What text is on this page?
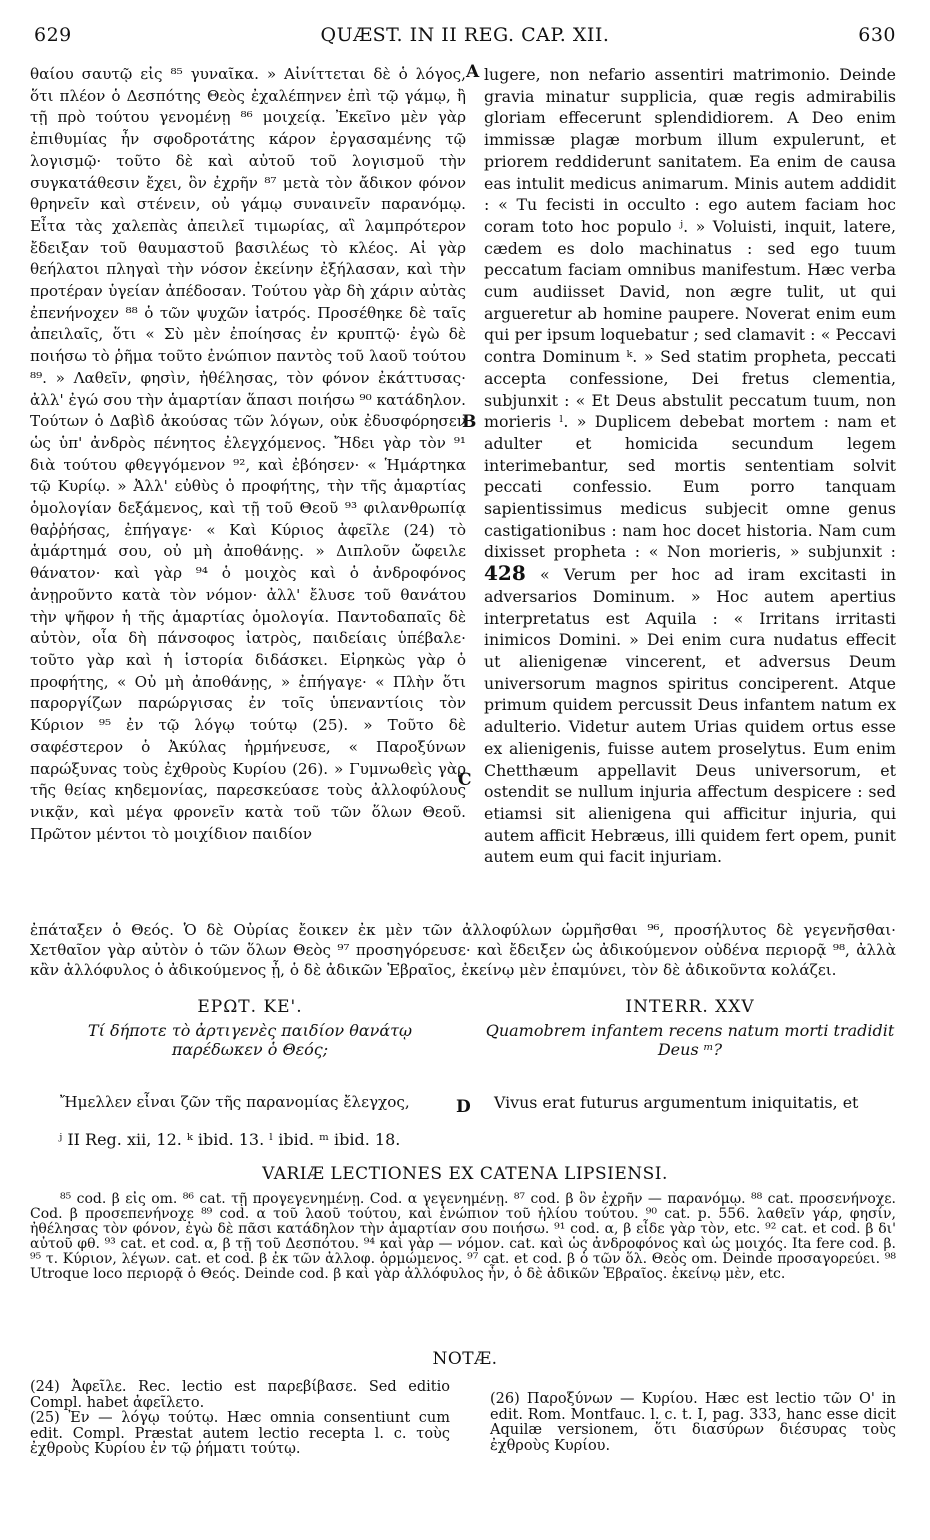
629	QUÆST. IN II REG. CAP. XII.	630
A
B
C
D

θαίου σαυτῷ εἰς ⁸⁵ γυναῖκα. » Αἰνίττεται δὲ ὁ λόγος, ὅτι πλέον ὁ Δεσπότης Θεὸς ἐχαλέπηνεν ἐπὶ τῷ γάμῳ, ἢ τῇ πρὸ τούτου γενομένῃ ⁸⁶ μοιχείᾳ. Ἐκεῖνο μὲν γὰρ ἐπιθυμίας ἦν σφοδροτάτης κάρον ἐργασαμένης τῷ λογισμῷ· τοῦτο δὲ καὶ αὐτοῦ τοῦ λογισμοῦ τὴν συγκατάθεσιν ἔχει, ὃν ἐχρῆν ⁸⁷ μετὰ τὸν ἄδικον φόνον θρηνεῖν καὶ στένειν, οὐ γάμῳ συναινεῖν παρανόμῳ. Εἶτα τὰς χαλεπὰς ἀπειλεῖ τιμωρίας, αἳ λαμπρότερον ἔδειξαν τοῦ θαυμαστοῦ βασιλέως τὸ κλέος. Αἱ γὰρ θεήλατοι πληγαὶ τὴν νόσον ἐκείνην ἐξήλασαν, καὶ τὴν προτέραν ὑγείαν ἀπέδοσαν. Τούτου γὰρ δὴ χάριν αὐτὰς ἐπενήνοχεν ⁸⁸ ὁ τῶν ψυχῶν ἰατρός. Προσέθηκε δὲ ταῖς ἀπειλαῖς, ὅτι « Σὺ μὲν ἐποίησας ἐν κρυπτῷ· ἐγὼ δὲ ποιήσω τὸ ῥῆμα τοῦτο ἐνώπιον παντὸς τοῦ λαοῦ τούτου ⁸⁹. » Λαθεῖν, φησὶν, ἠθέλησας, τὸν φόνον ἐκάττυσας· ἀλλ' ἐγώ σου τὴν ἁμαρτίαν ἅπασι ποιήσω ⁹⁰ κατάδηλον. Τούτων ὁ Δαβὶδ ἀκούσας τῶν λόγων, οὐκ ἐδυσφόρησεν ὡς ὑπ' ἀνδρὸς πένητος ἐλεγχόμενος. Ἤδει γὰρ τὸν ⁹¹ διὰ τούτου φθεγγόμενον ⁹², καὶ ἐβόησεν· « Ἡμάρτηκα τῷ Κυρίῳ. » Ἀλλ' εὐθὺς ὁ προφήτης, τὴν τῆς ἁμαρτίας ὁμολογίαν δεξάμενος, καὶ τῇ τοῦ Θεοῦ ⁹³ φιλανθρωπίᾳ θαῤῥήσας, ἐπήγαγε· « Καὶ Κύριος ἀφεῖλε (24) τὸ ἁμάρτημά σου, οὐ μὴ ἀποθάνῃς. » Διπλοῦν ὤφειλε θάνατον· καὶ γὰρ ⁹⁴ ὁ μοιχὸς καὶ ὁ ἀνδροφόνος ἀνῃροῦντο κατὰ τὸν νόμον· ἀλλ' ἔλυσε τοῦ θανάτου τὴν ψῆφον ἡ τῆς ἁμαρτίας ὁμολογία. Παντοδαπαῖς δὲ αὐτὸν, οἷα δὴ πάνσοφος ἰατρὸς, παιδείαις ὑπέβαλε· τοῦτο γὰρ καὶ ἡ ἱστορία διδάσκει. Εἰρηκὼς γὰρ ὁ προφήτης, « Οὐ μὴ ἀποθάνῃς, » ἐπήγαγε· « Πλὴν ὅτι παροργίζων παρώργισας ἐν τοῖς ὑπεναντίοις τὸν Κύριον ⁹⁵ ἐν τῷ λόγῳ τούτῳ (25). » Τοῦτο δὲ σαφέστερον ὁ Ἀκύλας ἡρμήνευσε, « Παροξύνων παρώξυνας τοὺς ἐχθροὺς Κυρίου (26). » Γυμνωθεὶς γὰρ τῆς θείας κηδεμονίας, παρεσκεύασε τοὺς ἀλλοφύλους νικᾷν, καὶ μέγα φρονεῖν κατὰ τοῦ τῶν ὅλων Θεοῦ. Πρῶτον μέντοι τὸ μοιχίδιον παιδίον

lugere, non nefario assentiri matrimonio. Deinde gravia minatur supplicia, quæ regis admirabilis gloriam effecerunt splendidiorem. A Deo enim immissæ plagæ morbum illum expulerunt, et priorem reddiderunt sanitatem. Ea enim de causa eas intulit medicus animarum. Minis autem addidit : « Tu fecisti in occulto : ego autem faciam hoc coram toto hoc populo ʲ. » Voluisti, inquit, latere, cædem es dolo machinatus : sed ego tuum peccatum faciam omnibus manifestum. Hæc verba cum audiisset David, non ægre tulit, ut qui argueretur ab homine paupere. Noverat enim eum qui per ipsum loquebatur ; sed clamavit : « Peccavi contra Dominum ᵏ. » Sed statim propheta, peccati accepta confessione, Dei fretus clementia, subjunxit : « Et Deus abstulit peccatum tuum, non morieris ˡ. » Duplicem debebat mortem : nam et adulter et homicida secundum legem interimebantur, sed mortis sententiam solvit peccati confessio. Eum porro tanquam sapientissimus medicus subjecit omne genus castigationibus : nam hoc docet historia. Nam cum dixisset propheta : « Non morieris, » subjunxit : 428 « Verum per hoc ad iram excitasti in adversarios Dominum. » Hoc autem apertius interpretatus est Aquila : « Irritans irritasti inimicos Domini. » Dei enim cura nudatus effecit ut alienigenæ vincerent, et adversus Deum universorum magnos spiritus conciperent. Atque primum quidem percussit Deus infantem natum ex adulterio. Videtur autem Urias quidem ortus esse ex alienigenis, fuisse autem proselytus. Eum enim Chetthæum appellavit Deus universorum, et ostendit se nullum injuria affectum despicere : sed etiamsi sit alienigena qui afficitur injuria, qui autem afficit Hebræus, illi quidem fert opem, punit autem eum qui facit injuriam.

ἐπάταξεν ὁ Θεός. Ὁ δὲ Οὐρίας ἔοικεν ἐκ μὲν τῶν ἀλλοφύλων ὡρμῆσθαι ⁹⁶, προσήλυτος δὲ γεγενῆσθαι· Χετθαῖον γὰρ αὐτὸν ὁ τῶν ὅλων Θεὸς ⁹⁷ προσηγόρευσε· καὶ ἔδειξεν ὡς ἀδικούμενον οὐδένα περιορᾷ ⁹⁸, ἀλλὰ κἂν ἀλλόφυλος ὁ ἀδικούμενος ᾖ, ὁ δὲ ἀδικῶν Ἑβραῖος, ἐκείνῳ μὲν ἐπαμύνει, τὸν δὲ ἀδικοῦντα κολάζει.
ΕΡΩΤ. ΚΕ'.
Τί δήποτε τὸ ἀρτιγενὲς παιδίον θανάτῳ παρέδωκεν ὁ Θεός;
INTERR. XXV
Quamobrem infantem recens natum morti tradidit Deus ᵐ?
Ἤμελλεν εἶναι ζῶν τῆς παρανομίας ἔλεγχος,	Vivus erat futurus argumentum iniquitatis, et
ʲ II Reg. xii, 12. ᵏ ibid. 13. ˡ ibid. ᵐ ibid. 18.
VARIÆ LECTIONES EX CATENA LIPSIENSI.
⁸⁵ cod. β εἰς om. ⁸⁶ cat. τῇ προγεγενημένῃ. Cod. α γεγενημένῃ. ⁸⁷ cod. β ὃν ἐχρῆν — παρανόμῳ. ⁸⁸ cat. προσενήνοχε. Cod. β προσεπενήνοχε ⁸⁹ cod. α τοῦ λαοῦ τούτου, καὶ ἐνώπιον τοῦ ἡλίου τούτου. ⁹⁰ cat. p. 556. λαθεῖν γάρ, φησίν, ἠθέλησας τὸν φόνον, ἐγὼ δὲ πᾶσι κατάδηλον τὴν ἁμαρτίαν σου ποιήσω. ⁹¹ cod. α, β εἶδε γὰρ τὸν, etc. ⁹² cat. et cod. β δι' αὐτοῦ φθ. ⁹³ cat. et cod. α, β τῇ τοῦ Δεσπότου. ⁹⁴ καὶ γὰρ — νόμον. cat. καὶ ὡς ἀνδροφόνος καὶ ὡς μοιχός. Ita fere cod. β. ⁹⁵ τ. Κύριον, λέγων. cat. et cod. β ἐκ τῶν ἀλλοφ. ὁρμώμενος. ⁹⁷ cat. et cod. β ὁ τῶν ὅλ. Θεὸς om. Deinde προσαγορεύει. ⁹⁸ Utroque loco περιορᾷ ὁ Θεός. Deinde cod. β καὶ γὰρ ἀλλόφυλος ἦν, ὁ δὲ ἀδικῶν Ἑβραῖος. ἐκείνῳ μὲν, etc.
NOTÆ.
(24) Ἀφεῖλε. Rec. lectio est παρεβίβασε. Sed editio Compl. habet ἀφεῖλετο.
(25) Ἐν — λόγῳ τούτῳ. Hæc omnia consentiunt cum edit. Compl. Præstat autem lectio recepta l. c. τοὺς ἐχθροὺς Κυρίου ἐν τῷ ῥήματι τούτῳ.
(26) Παροξύνων — Κυρίου. Hæc est lectio τῶν O' in edit. Rom. Montfauc. l. c. t. I, pag. 333, hanc esse dicit Aquilæ versionem, ὅτι διασύρων διέσυρας τοὺς ἐχθροὺς Κυρίου.
